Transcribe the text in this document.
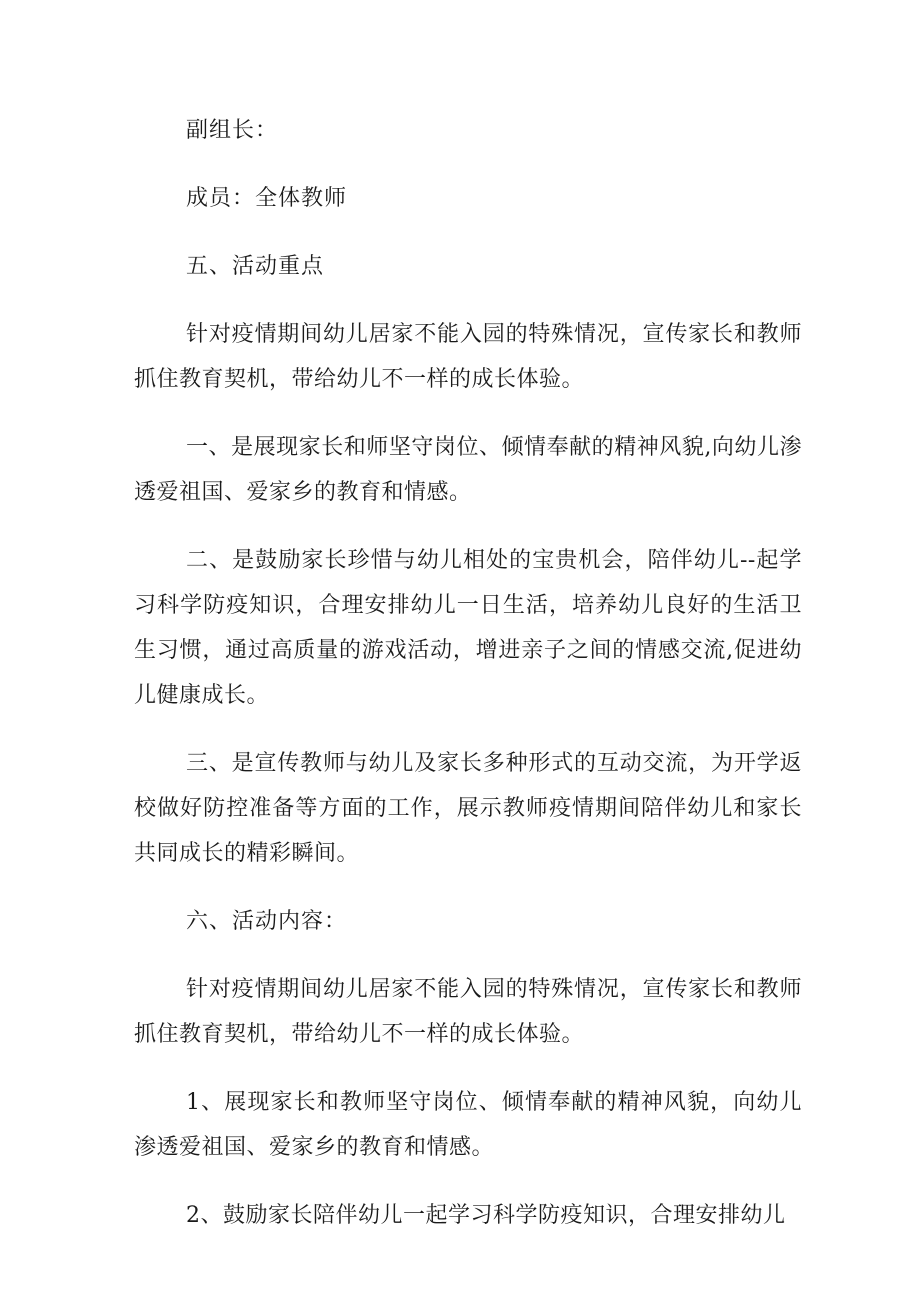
副组长：

成员：全体教师

五、活动重点

针对疫情期间幼儿居家不能入园的特殊情况，宣传家长和教师抓住教育契机，带给幼儿不一样的成长体验。

一、是展现家长和师坚守岗位、倾情奉献的精神风貌,向幼儿渗透爱祖国、爱家乡的教育和情感。

二、是鼓励家长珍惜与幼儿相处的宝贵机会，陪伴幼儿--起学习科学防疫知识，合理安排幼儿一日生活，培养幼儿良好的生活卫生习惯，通过高质量的游戏活动，增进亲子之间的情感交流,促进幼儿健康成长。

三、是宣传教师与幼儿及家长多种形式的互动交流，为开学返校做好防控准备等方面的工作，展示教师疫情期间陪伴幼儿和家长共同成长的精彩瞬间。

六、活动内容：

针对疫情期间幼儿居家不能入园的特殊情况，宣传家长和教师抓住教育契机，带给幼儿不一样的成长体验。

1、展现家长和教师坚守岗位、倾情奉献的精神风貌，向幼儿渗透爱祖国、爱家乡的教育和情感。

2、鼓励家长陪伴幼儿一起学习科学防疫知识，合理安排幼儿
